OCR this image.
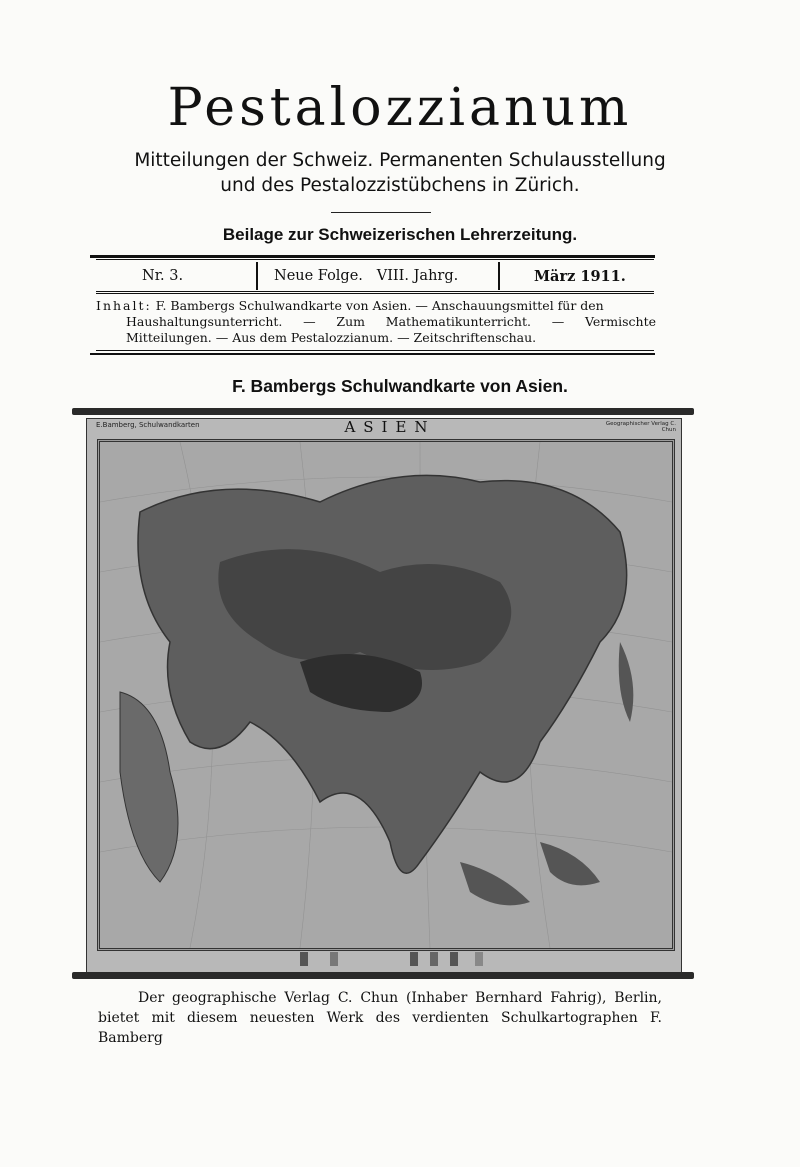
Pestalozzianum
Mitteilungen der Schweiz. Permanenten Schulausstellung
und des Pestalozzistübchens in Zürich.
Beilage zur Schweizerischen Lehrerzeitung.
Nr. 3.	Neue Folge.   VIII. Jahrg.	März 1911.
Inhalt: F. Bambergs Schulwandkarte von Asien. — Anschauungsmittel für den
Haushaltungsunterricht. — Zum Mathematikunterricht. — Vermischte Mitteilungen. — Aus dem Pestalozzianum. — Zeitschriftenschau.
F. Bambergs Schulwandkarte von Asien.
E.Bamberg, Schulwandkarten	ASIEN	Geographischer Verlag C. Chun
Der geographische Verlag C. Chun (Inhaber Bernhard Fahrig), Berlin, bietet mit diesem neuesten Werk des verdienten Schulkartographen F. Bamberg
